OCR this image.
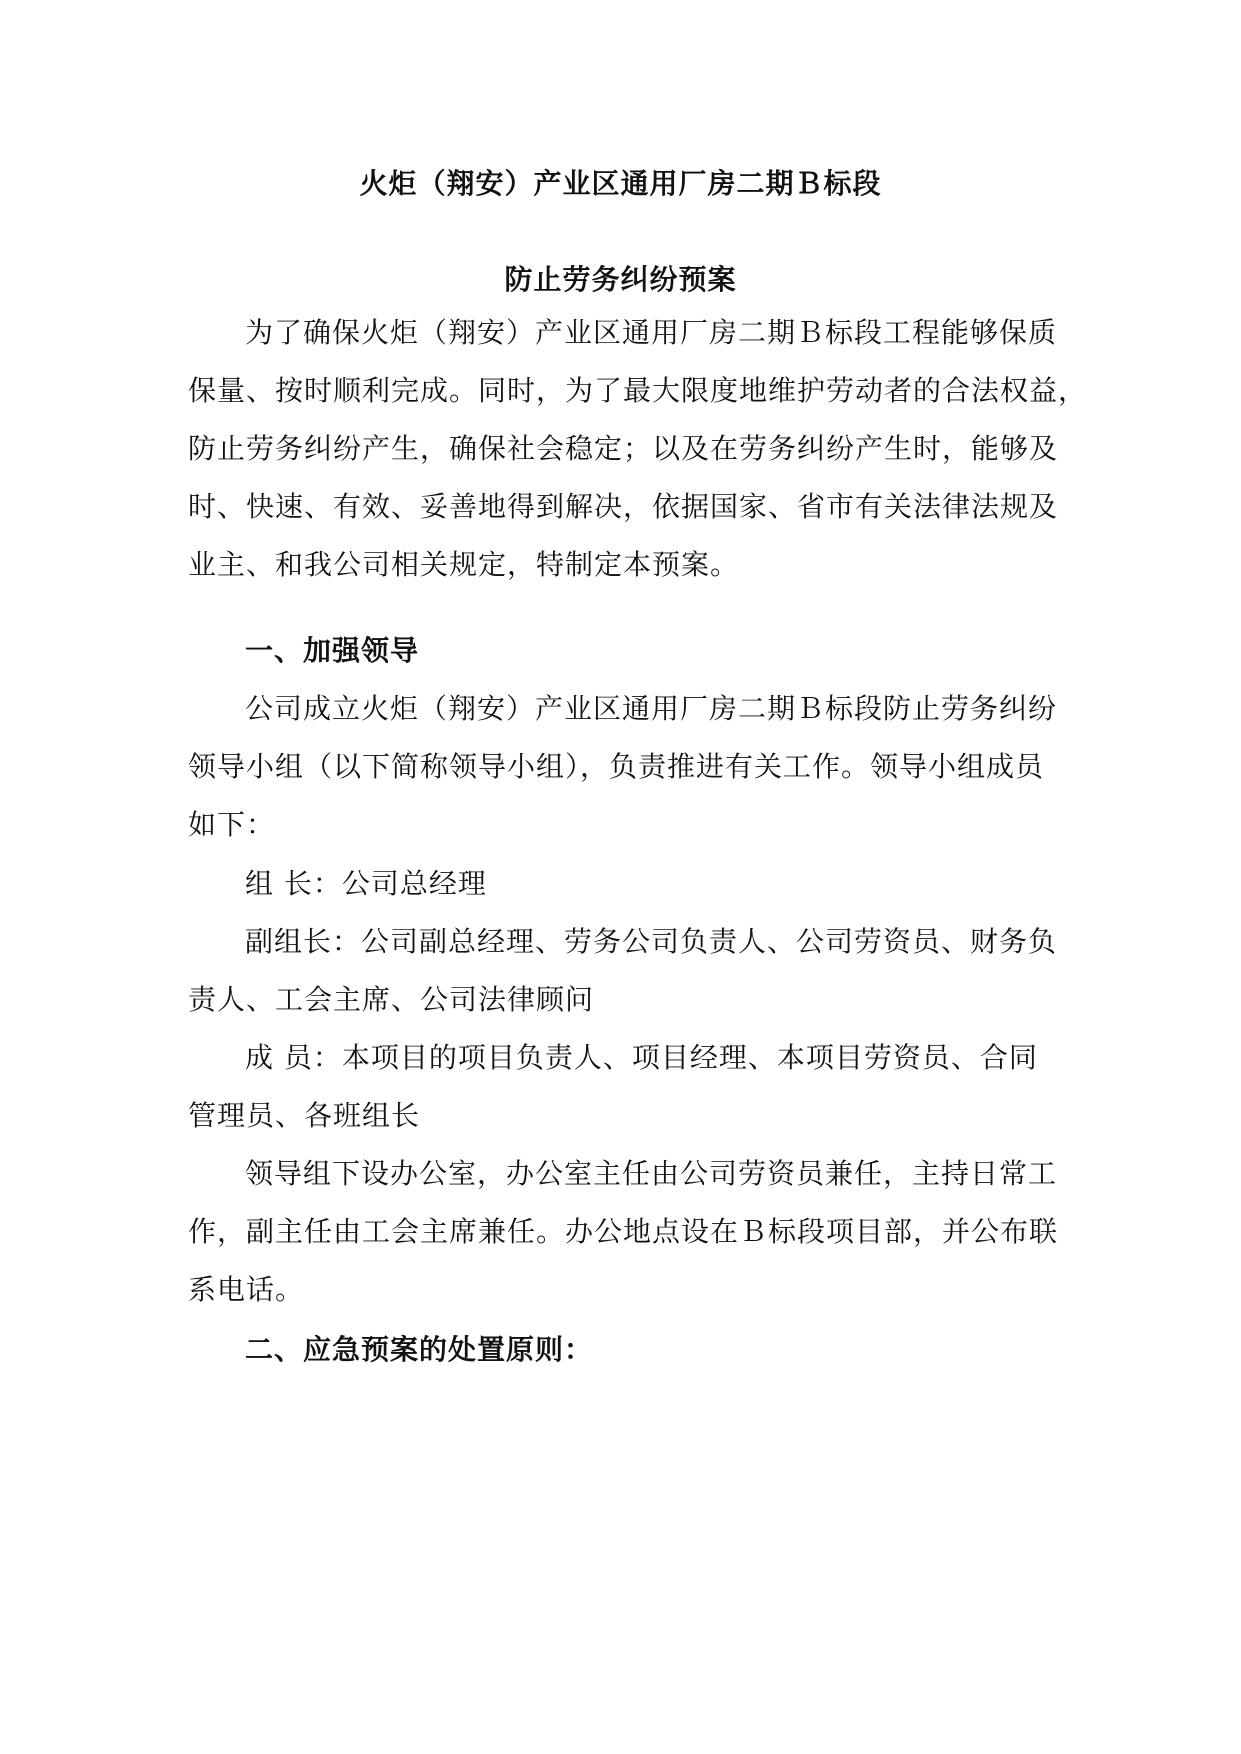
火炬（翔安）产业区通用厂房二期Ｂ标段
防止劳务纠纷预案
为了确保火炬（翔安）产业区通用厂房二期Ｂ标段工程能够保质
保量、按时顺利完成。同时，为了最大限度地维护劳动者的合法权益，
防止劳务纠纷产生，确保社会稳定；以及在劳务纠纷产生时，能够及
时、快速、有效、妥善地得到解决，依据国家、省市有关法律法规及
业主、和我公司相关规定，特制定本预案。
一、加强领导
公司成立火炬（翔安）产业区通用厂房二期Ｂ标段防止劳务纠纷
领导小组（以下简称领导小组），负责推进有关工作。领导小组成员
如下：
组 长：公司总经理
副组长：公司副总经理、劳务公司负责人、公司劳资员、财务负
责人、工会主席、公司法律顾问
成 员：本项目的项目负责人、项目经理、本项目劳资员、合同
管理员、各班组长
领导组下设办公室，办公室主任由公司劳资员兼任，主持日常工
作，副主任由工会主席兼任。办公地点设在Ｂ标段项目部，并公布联
系电话。
二、应急预案的处置原则：
